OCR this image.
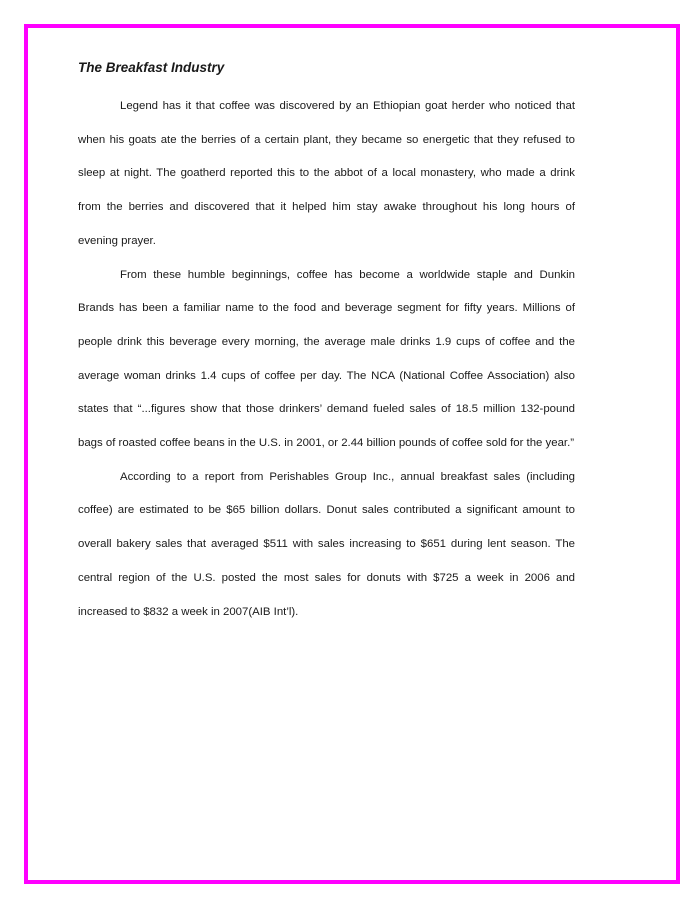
The Breakfast Industry

Legend has it that coffee was discovered by an Ethiopian goat herder who noticed that when his goats ate the berries of a certain plant, they became so energetic that they refused to sleep at night. The goatherd reported this to the abbot of a local monastery, who made a drink from the berries and discovered that it helped him stay awake throughout his long hours of evening prayer.

From these humble beginnings, coffee has become a worldwide staple and Dunkin Brands has been a familiar name to the food and beverage segment for fifty years. Millions of people drink this beverage every morning, the average male drinks 1.9 cups of coffee and the average woman drinks 1.4 cups of coffee per day. The NCA (National Coffee Association) also states that “...figures show that those drinkers’ demand fueled sales of 18.5 million 132-pound bags of roasted coffee beans in the U.S. in 2001, or 2.44 billion pounds of coffee sold for the year.”

According to a report from Perishables Group Inc., annual breakfast sales (including coffee) are estimated to be $65 billion dollars. Donut sales contributed a significant amount to overall bakery sales that averaged $511 with sales increasing to $651 during lent season. The central region of the U.S. posted the most sales for donuts with $725 a week in 2006 and increased to $832 a week in 2007(AIB Int’l).
